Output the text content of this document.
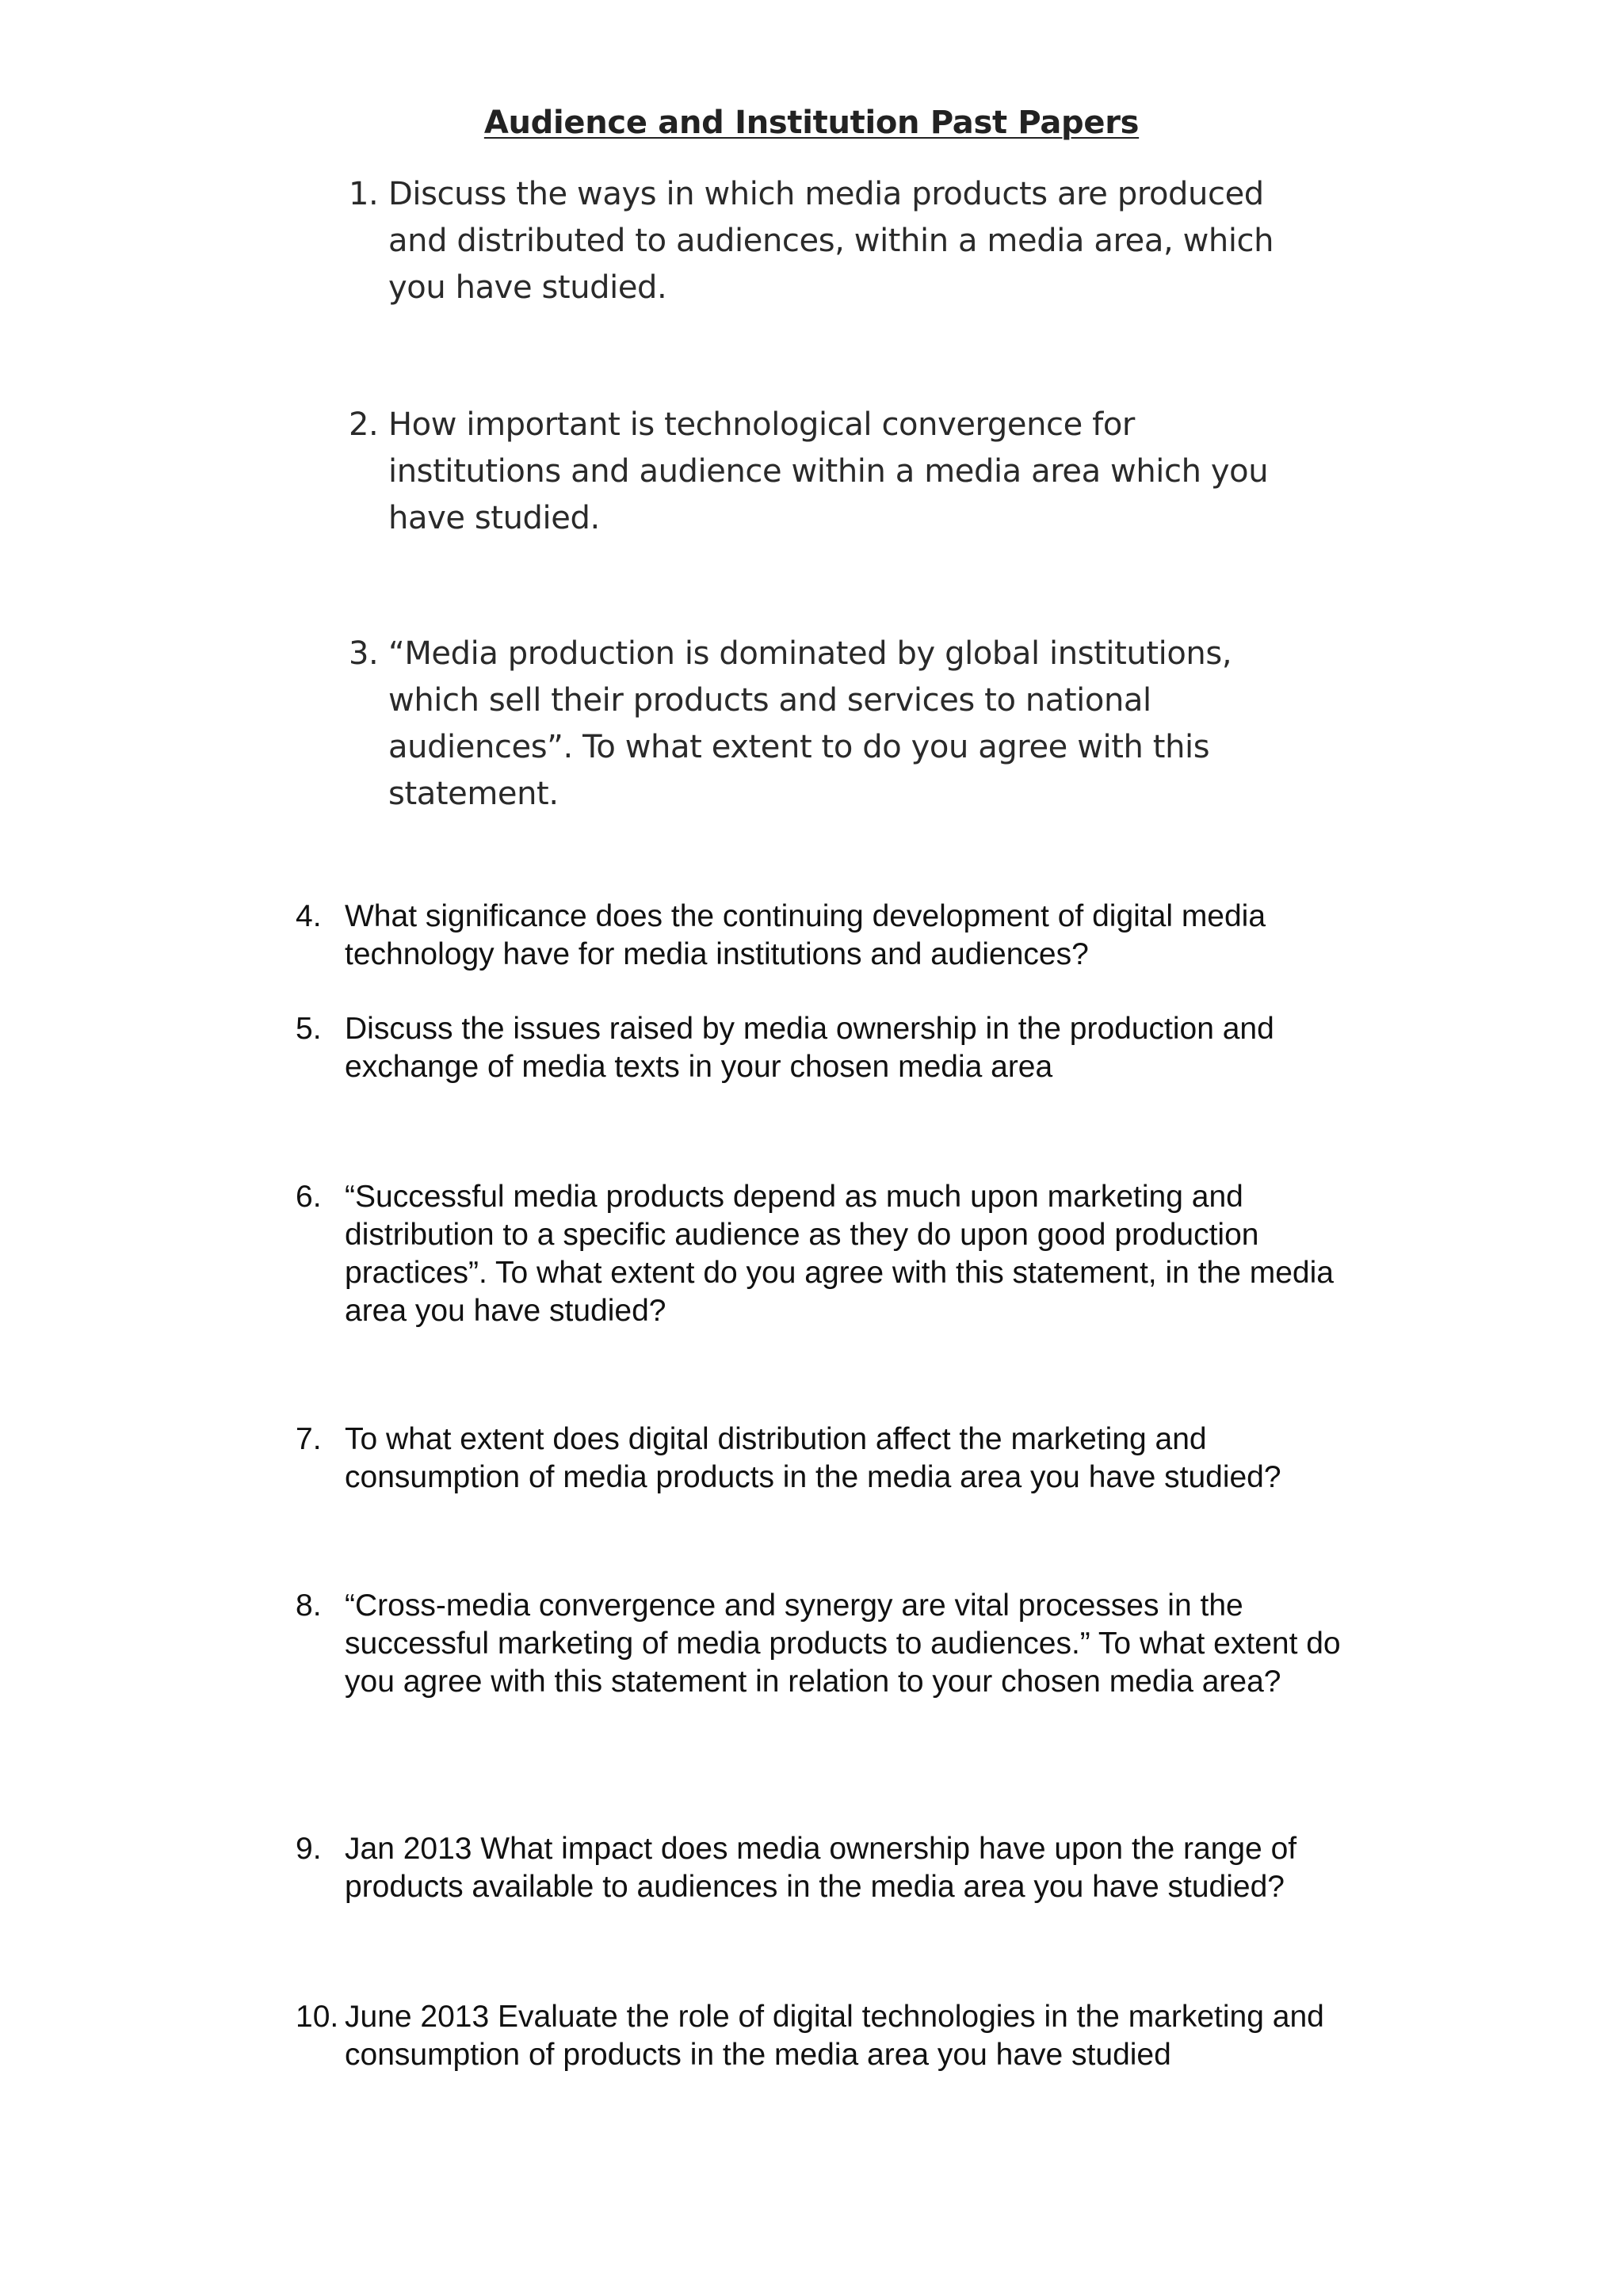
Audience and Institution Past Papers
1. Discuss the ways in which media products are produced and distributed to audiences, within a media area, which you have studied.
2. How important is technological convergence for institutions and audience within a media area which you have studied.
3. “Media production is dominated by global institutions, which sell their products and services to national audiences”. To what extent to do you agree with this statement.
4. What significance does the continuing development of digital media technology have for media institutions and audiences?
5. Discuss the issues raised by media ownership in the production and exchange of media texts in your chosen media area
6. “Successful media products depend as much upon marketing and distribution to a specific audience as they do upon good production practices”. To what extent do you agree with this statement, in the media area you have studied?
7. To what extent does digital distribution affect the marketing and consumption of media products in the media area you have studied?
8. “Cross-media convergence and synergy are vital processes in the successful marketing of media products to audiences.” To what extent do you agree with this statement in relation to your chosen media area?
9. Jan 2013 What impact does media ownership have upon the range of products available to audiences in the media area you have studied?
10. June 2013 Evaluate the role of digital technologies in the marketing and consumption of products in the media area you have studied
